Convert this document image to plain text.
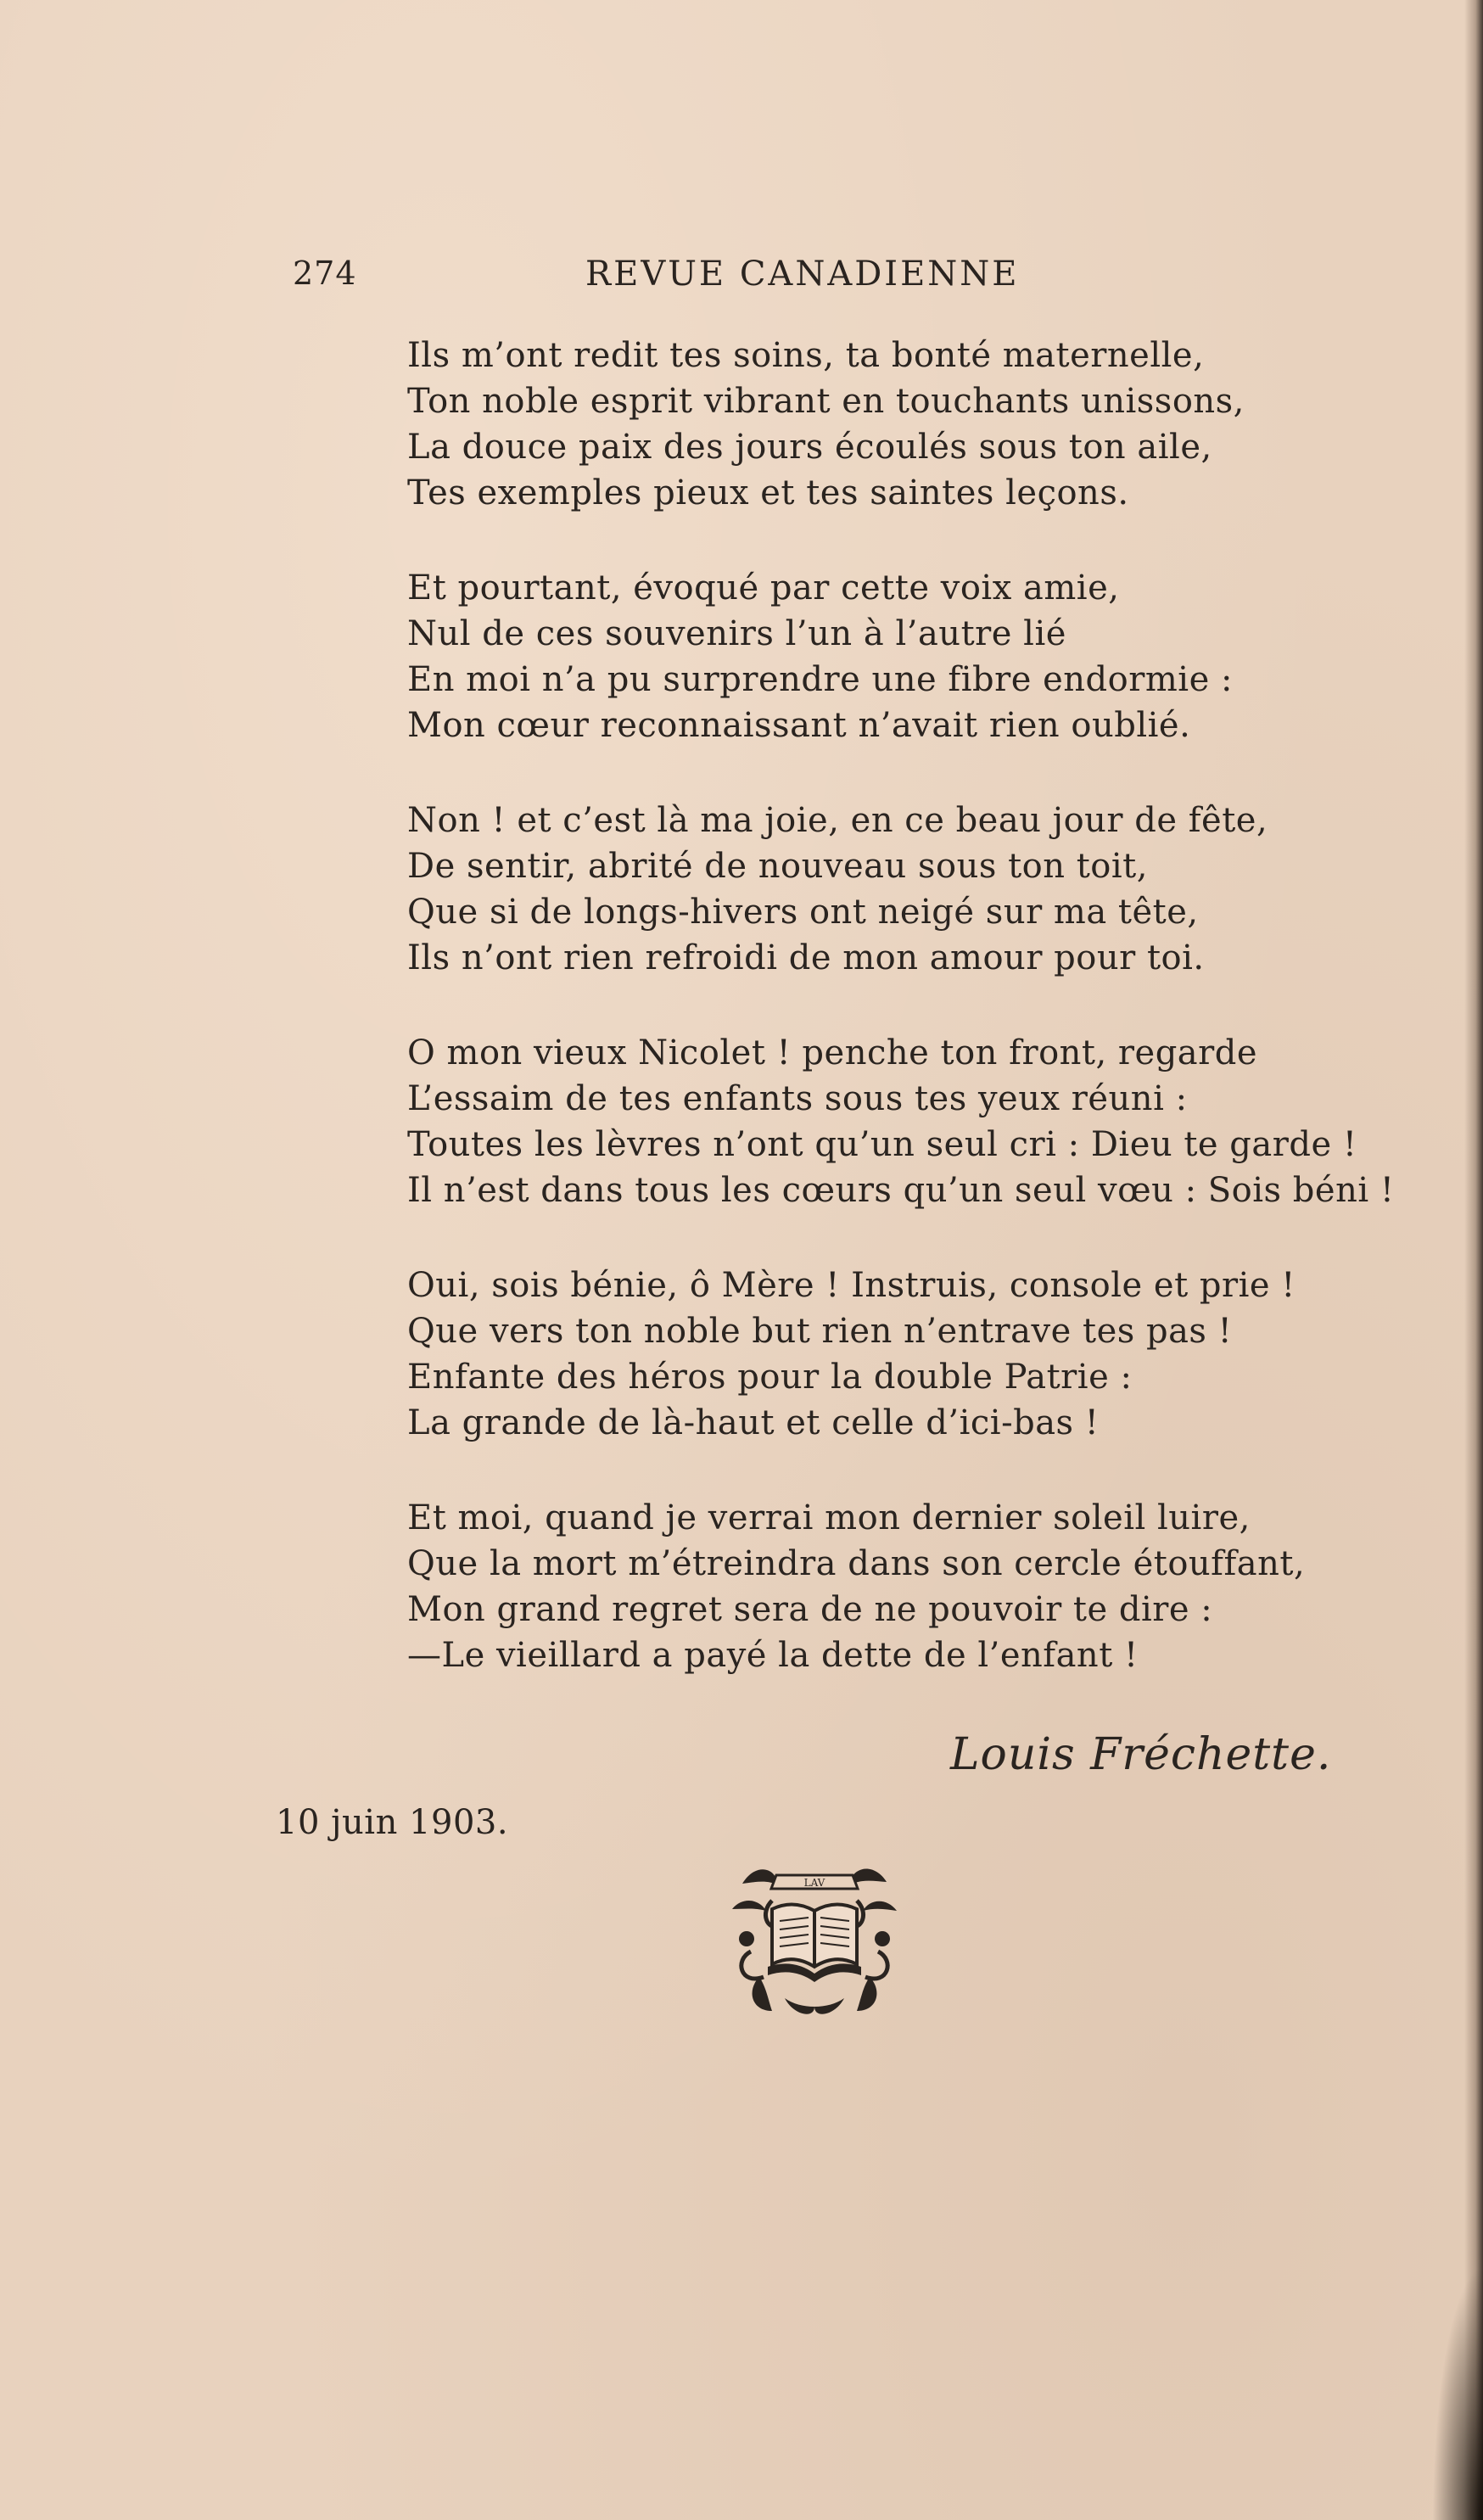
274	REVUE CANADIENNE
Ils m’ont redit tes soins, ta bonté maternelle,
Ton noble esprit vibrant en touchants unissons,
La douce paix des jours écoulés sous ton aile,
Tes exemples pieux et tes saintes leçons.
Et pourtant, évoqué par cette voix amie,
Nul de ces souvenirs l’un à l’autre lié
En moi n’a pu surprendre une fibre endormie :
Mon cœur reconnaissant n’avait rien oublié.
Non ! et c’est là ma joie, en ce beau jour de fête,
De sentir, abrité de nouveau sous ton toit,
Que si de longs-hivers ont neigé sur ma tête,
Ils n’ont rien refroidi de mon amour pour toi.
O mon vieux Nicolet ! penche ton front, regarde
L’essaim de tes enfants sous tes yeux réuni :
Toutes les lèvres n’ont qu’un seul cri : Dieu te garde !
Il n’est dans tous les cœurs qu’un seul vœu : Sois béni !
Oui, sois bénie, ô Mère ! Instruis, console et prie !
Que vers ton noble but rien n’entrave tes pas !
Enfante des héros pour la double Patrie :
La grande de là-haut et celle d’ici-bas !
Et moi, quand je verrai mon dernier soleil luire,
Que la mort m’étreindra dans son cercle étouffant,
Mon grand regret sera de ne pouvoir te dire :
—Le vieillard a payé la dette de l’enfant !
Louis Fréchette.
10 juin 1903.
LAV
